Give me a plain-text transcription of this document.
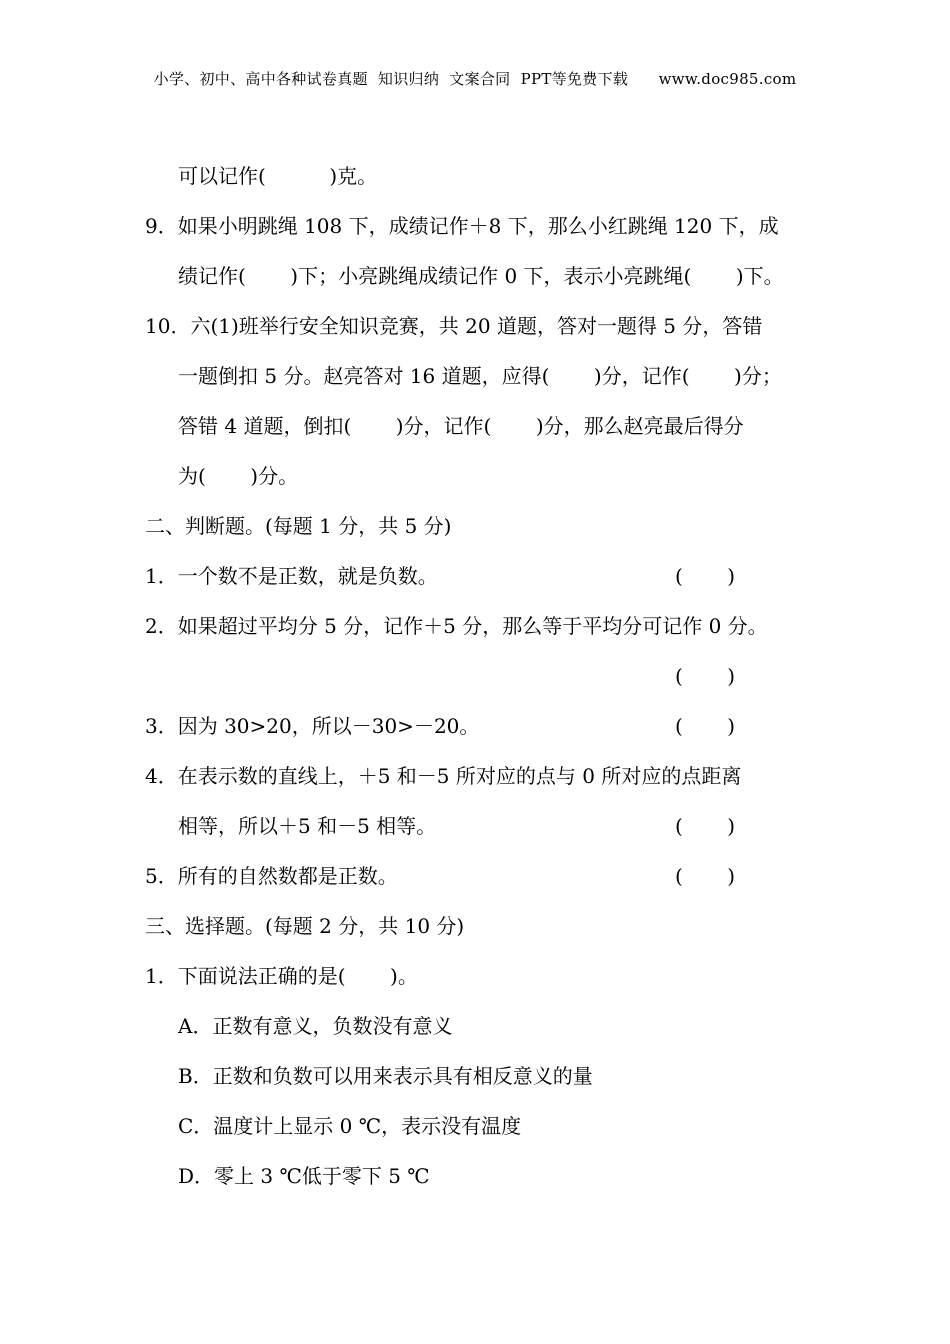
小学、初中、高中各种试卷真题  知识归纳  文案合同  PPT等免费下载      www.doc985.com
可以记作(          )克。
9．如果小明跳绳 108 下，成绩记作＋8 下，那么小红跳绳 120 下，成
绩记作(       )下；小亮跳绳成绩记作 0 下，表示小亮跳绳(       )下。
10．六(1)班举行安全知识竞赛，共 20 道题，答对一题得 5 分，答错
一题倒扣 5 分。赵亮答对 16 道题，应得(       )分，记作(       )分；
答错 4 道题，倒扣(       )分，记作(       )分，那么赵亮最后得分
为(       )分。
二、判断题。(每题 1 分，共 5 分)
1．一个数不是正数，就是负数。	(       )
2．如果超过平均分 5 分，记作＋5 分，那么等于平均分可记作 0 分。
(       )
3．因为 30>20，所以－30>－20。	(       )
4．在表示数的直线上，＋5 和－5 所对应的点与 0 所对应的点距离
相等，所以＋5 和－5 相等。	(       )
5．所有的自然数都是正数。	(       )
三、选择题。(每题 2 分，共 10 分)
1．下面说法正确的是(       )。
A．正数有意义，负数没有意义
B．正数和负数可以用来表示具有相反意义的量
C．温度计上显示 0 ℃，表示没有温度
D．零上 3 ℃低于零下 5 ℃
